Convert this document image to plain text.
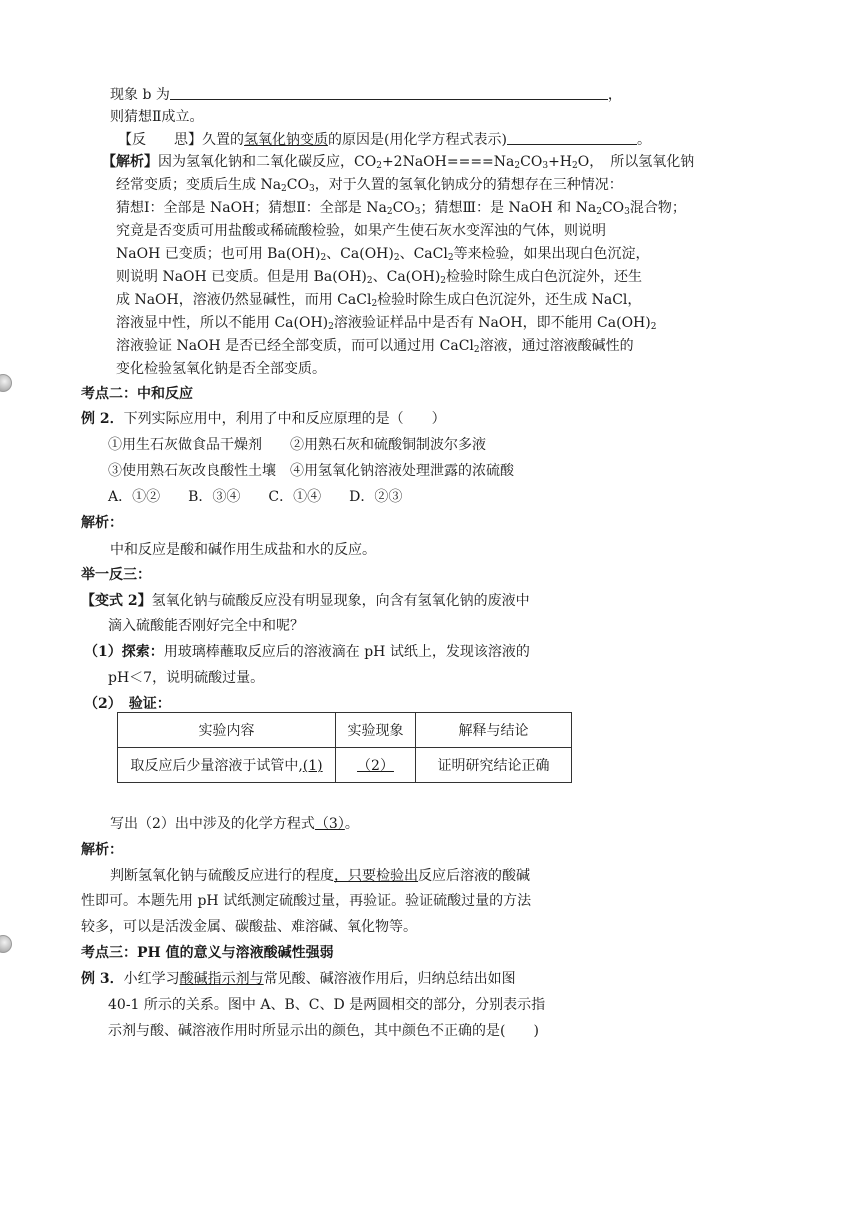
现象 b 为	，
则猜想Ⅱ成立。
【反　　思】久置的氢氧化钠变质的原因是(用化学方程式表示)	。
【解析】因为氢氧化钠和二氧化碳反应，$CO_2+2NaOH====Na_2CO_3+H_2O$，　所以氢氧化钠
经常变质；变质后生成 $Na_2CO_3$，对于久置的氢氧化钠成分的猜想存在三种情况：
猜想Ⅰ：全部是 NaOH；猜想Ⅱ：全部是 $Na_2CO_3$；猜想Ⅲ：是 NaOH 和 $Na_2CO_3$混合物；
究竟是否变质可用盐酸或稀硫酸检验，如果产生使石灰水变浑浊的气体，则说明
NaOH 已变质；也可用 $Ba(OH)_2$、$Ca(OH)_2$、CaCl$_2$等来检验，如果出现白色沉淀，
则说明 NaOH 已变质。但是用 $Ba(OH)_2$、$Ca(OH)_2$检验时除生成白色沉淀外，还生
成 NaOH，溶液仍然显碱性，而用 CaCl$_2$检验时除生成白色沉淀外，还生成 NaCl，
溶液显中性，所以不能用 $Ca(OH)_2$溶液验证样品中是否有 NaOH，即不能用 $Ca(OH)_2$
溶液验证 NaOH 是否已经全部变质，而可以通过用 CaCl$_2$溶液，通过溶液酸碱性的
变化检验氢氧化钠是否全部变质。
考点二：中和反应
例 2．下列实际应用中，利用了中和反应原理的是（　　）
①用生石灰做食品干燥剂　　②用熟石灰和硫酸铜制波尔多液
③使用熟石灰改良酸性土壤　④用氢氧化钠溶液处理泄露的浓硫酸
A．①②　　B．③④　　C．①④　　D．②③
解析：
中和反应是酸和碱作用生成盐和水的反应。
举一反三：
【变式 2】氢氧化钠与硫酸反应没有明显现象，向含有氢氧化钠的废液中
滴入硫酸能否刚好完全中和呢？
（1）探索：用玻璃棒蘸取反应后的溶液滴在 pH 试纸上，发现该溶液的
pH＜7，说明硫酸过量。
（2）　验证：
实验内容	实验现象	解释与结论
取反应后少量溶液于试管中,(1)	（2）	证明研究结论正确
写出（2）出中涉及的化学方程式（3）。
解析：
判断氢氧化钠与硫酸反应进行的程度，只要检验出反应后溶液的酸碱
性即可。本题先用 pH 试纸测定硫酸过量，再验证。验证硫酸过量的方法
较多，可以是活泼金属、碳酸盐、难溶碱、氧化物等。
考点三：PH 值的意义与溶液酸碱性强弱
例 3．小红学习酸碱指示剂与常见酸、碱溶液作用后，归纳总结出如图
40-1 所示的关系。图中 A、B、C、D 是两圆相交的部分，分别表示指
示剂与酸、碱溶液作用时所显示出的颜色，其中颜色不正确的是(　　)
